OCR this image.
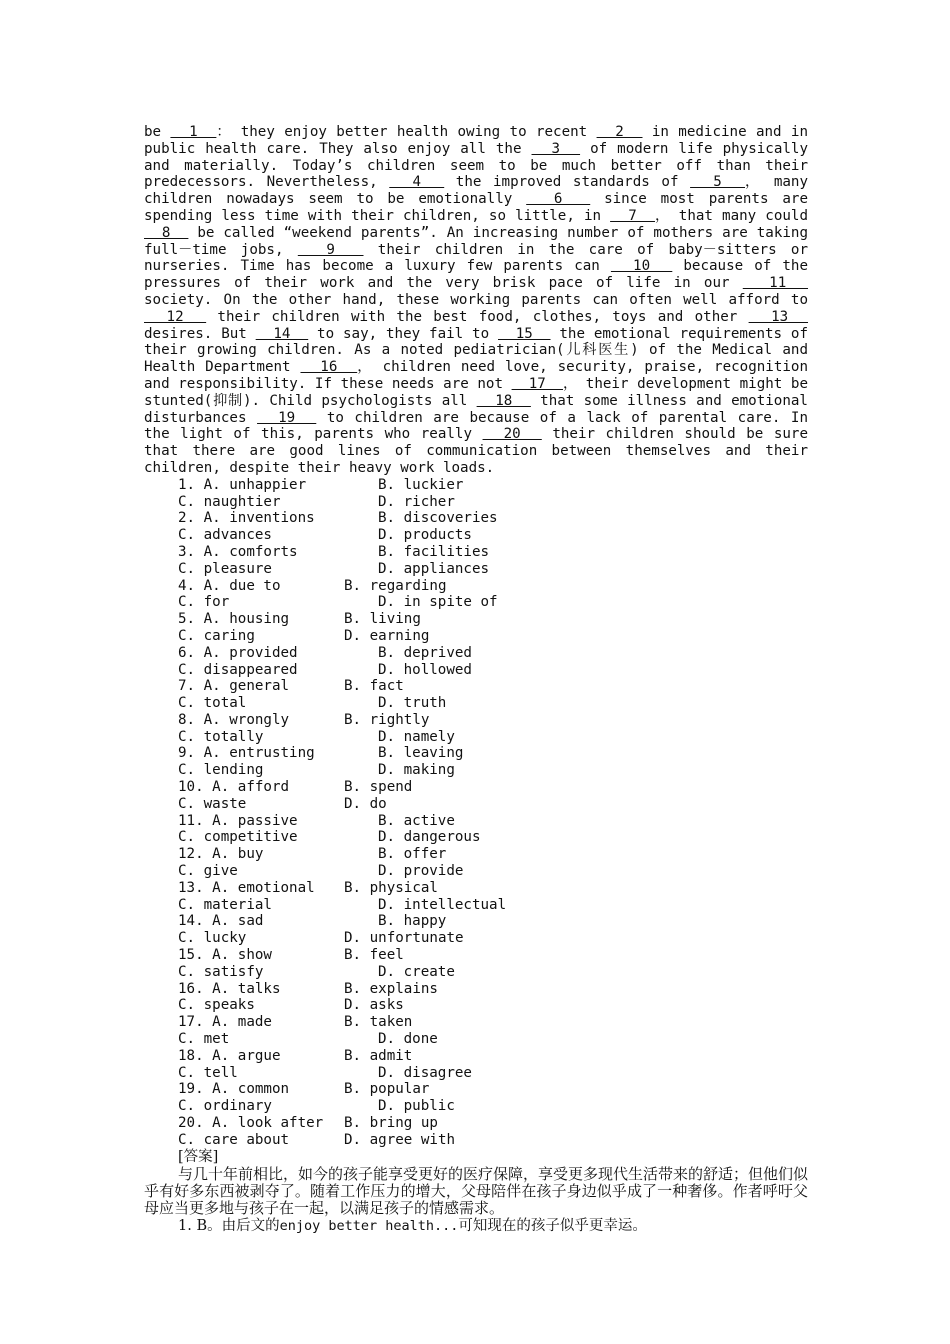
be   1  ： they enjoy better health owing to recent   2   in medicine and in public health care. They also enjoy all the   3   of modern life physically and materially. Today’s children seem to be much better off than their predecessors. Nevertheless,   4   the improved standards of   5  ， many children nowadays seem to be emotionally   6   since most parents are spending less time with their children, so little, in   7  ， that many could   8   be called “weekend parents”. An increasing number of mothers are taking full－time jobs,   9   their children in the care of baby－sitters or nurseries. Time has become a luxury few parents can   10   because of the pressures of their work and the very brisk pace of life in our   11   society. On the other hand, these working parents can often well afford to   12   their children with the best food, clothes, toys and other   13   desires. But   14   to say, they fail to   15   the emotional requirements of their growing children. As a noted pediatrician(儿科医生) of the Medical and Health Department   16  ， children need love, security, praise, recognition and responsibility. If these needs are not   17  ， their development might be stunted(抑制). Child psychologists all   18   that some illness and emotional disturbances   19   to children are because of a lack of parental care. In the light of this, parents who really   20   their children should be sure that there are good lines of communication between themselves and their children, despite their heavy work loads.

1. A. unhappier	B. luckier
C. naughtier	D. richer
2. A. inventions	B. discoveries
C. advances	D. products
3. A. comforts	B. facilities
C. pleasure	D. appliances
4. A. due to	B. regarding
C. for	D. in spite of
5. A. housing	B. living
C. caring	D. earning
6. A. provided	B. deprived
C. disappeared	D. hollowed
7. A. general	B. fact
C. total	D. truth
8. A. wrongly	B. rightly
C. totally	D. namely
9. A. entrusting	B. leaving
C. lending	D. making
10. A. afford	B. spend
C. waste	D. do
11. A. passive	B. active
C. competitive	D. dangerous
12. A. buy	B. offer
C. give	D. provide
13. A. emotional B. physical
C. material	D. intellectual
14. A. sad	B. happy
C. lucky	D. unfortunate
15. A. show	B. feel
C. satisfy	D. create
16. A. talks	B. explains
C. speaks	D. asks
17. A. made	B. taken
C. met	D. done
18. A. argue	B. admit
C. tell	D. disagree
19. A. common	B. popular
C. ordinary	D. public
20. A. look after B. bring up
C. care about	D. agree with

[答案]

与几十年前相比，如今的孩子能享受更好的医疗保障，享受更多现代生活带来的舒适；但他们似乎有好多东西被剥夺了。随着工作压力的增大，父母陪伴在孩子身边似乎成了一种奢侈。作者呼吁父母应当更多地与孩子在一起，以满足孩子的情感需求。

1. B。由后文的enjoy better health...可知现在的孩子似乎更幸运。
